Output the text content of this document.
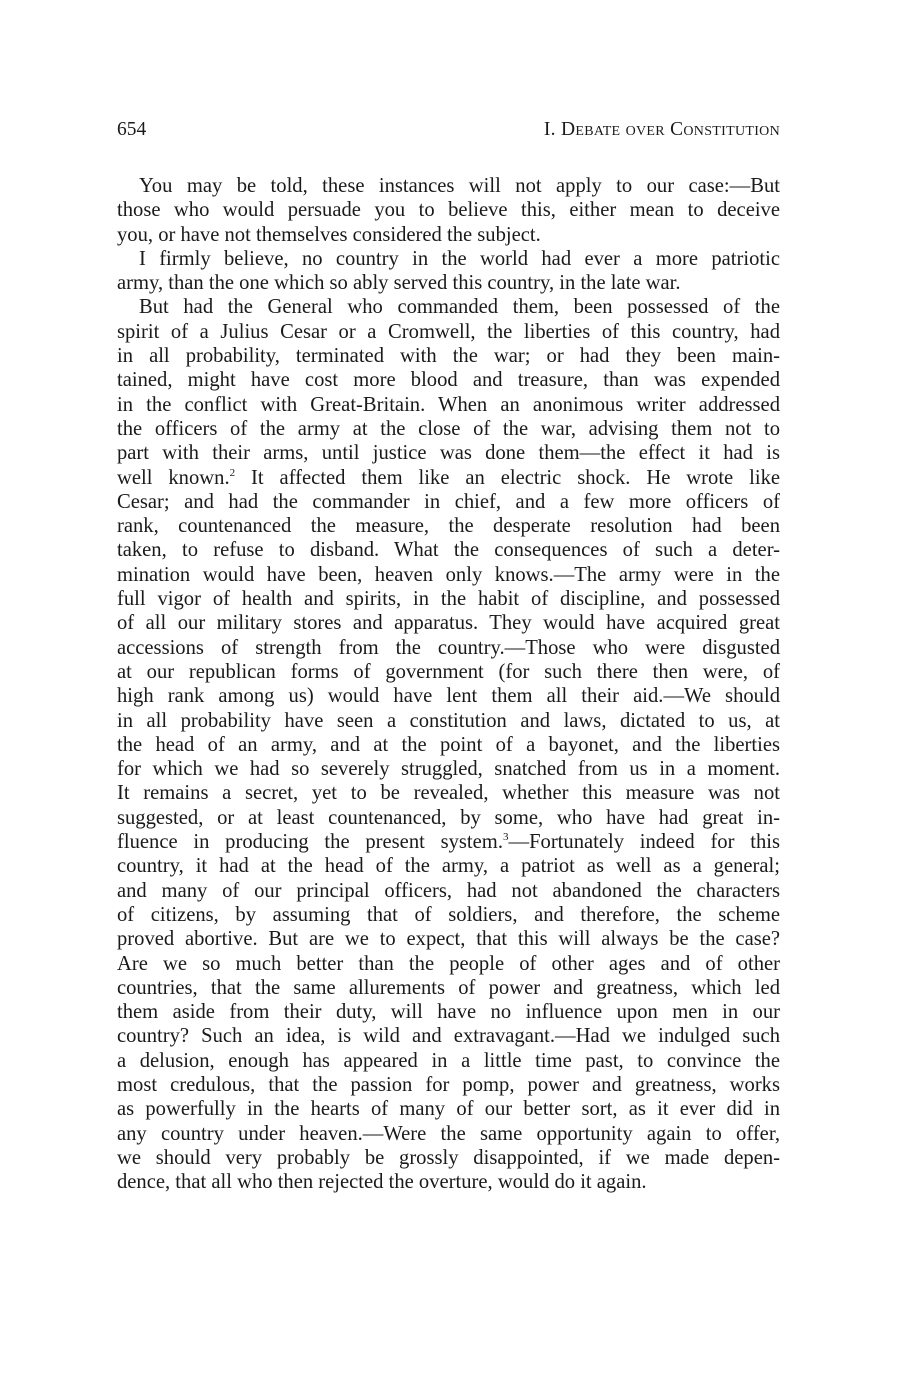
654	I. Debate over Constitution
You may be told, these instances will not apply to our case:—But
those who would persuade you to believe this, either mean to deceive
you, or have not themselves considered the subject.
I firmly believe, no country in the world had ever a more patriotic
army, than the one which so ably served this country, in the late war.
But had the General who commanded them, been possessed of the
spirit of a Julius Cesar or a Cromwell, the liberties of this country, had
in all probability, terminated with the war; or had they been main-
tained, might have cost more blood and treasure, than was expended
in the conflict with Great-Britain. When an anonimous writer addressed
the officers of the army at the close of the war, advising them not to
part with their arms, until justice was done them—the effect it had is
well known.$^2$ It affected them like an electric shock. He wrote like
Cesar; and had the commander in chief, and a few more officers of
rank, countenanced the measure, the desperate resolution had been
taken, to refuse to disband. What the consequences of such a deter-
mination would have been, heaven only knows.—The army were in the
full vigor of health and spirits, in the habit of discipline, and possessed
of all our military stores and apparatus. They would have acquired great
accessions of strength from the country.—Those who were disgusted
at our republican forms of government (for such there then were, of
high rank among us) would have lent them all their aid.—We should
in all probability have seen a constitution and laws, dictated to us, at
the head of an army, and at the point of a bayonet, and the liberties
for which we had so severely struggled, snatched from us in a moment.
It remains a secret, yet to be revealed, whether this measure was not
suggested, or at least countenanced, by some, who have had great in-
fluence in producing the present system.$^3$—Fortunately indeed for this
country, it had at the head of the army, a patriot as well as a general;
and many of our principal officers, had not abandoned the characters
of citizens, by assuming that of soldiers, and therefore, the scheme
proved abortive. But are we to expect, that this will always be the case?
Are we so much better than the people of other ages and of other
countries, that the same allurements of power and greatness, which led
them aside from their duty, will have no influence upon men in our
country? Such an idea, is wild and extravagant.—Had we indulged such
a delusion, enough has appeared in a little time past, to convince the
most credulous, that the passion for pomp, power and greatness, works
as powerfully in the hearts of many of our better sort, as it ever did in
any country under heaven.—Were the same opportunity again to offer,
we should very probably be grossly disappointed, if we made depen-
dence, that all who then rejected the overture, would do it again.
